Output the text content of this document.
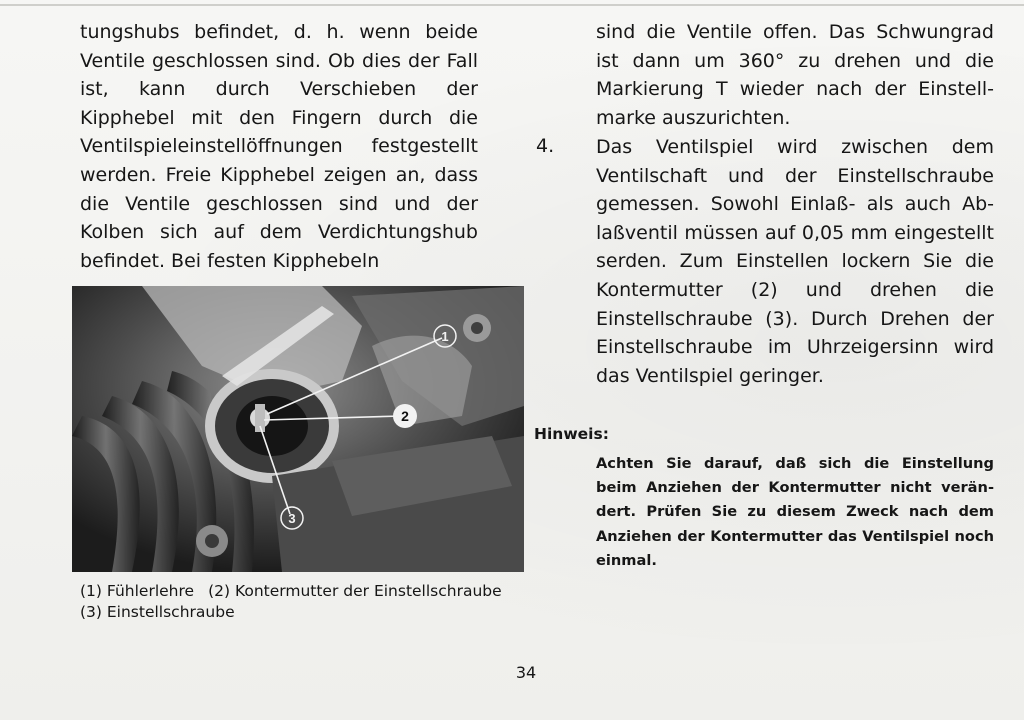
tungshubs befindet, d. h. wenn beide Ventile geschlossen sind. Ob dies der Fall ist, kann durch Verschieben der Kipphebel mit den Fingern durch die Ventilspieleinstellöffnungen festgestellt werden. Freie Kipphebel zeigen an, dass die Ventile geschlossen sind und der Kolben sich auf dem Verdichtungshub befindet. Bei festen Kipphebeln

sind die Ventile offen. Das Schwungrad ist dann um 360° zu drehen und die Markierung T wieder nach der Einstellmarke auszurichten.

4. Das Ventilspiel wird zwischen dem Ventilschaft und der Einstellschraube gemessen. Sowohl Einlaß- als auch Ablaßventil müssen auf 0,05 mm eingestellt serden. Zum Einstellen lockern Sie die Kontermutter (2) und drehen die Einstellschraube (3). Durch Drehen der Einstellschraube im Uhrzeigersinn wird das Ventilspiel geringer.

1
2
3
Hinweis:

Achten Sie darauf, daß sich die Einstellung beim Anziehen der Kontermutter nicht verändert. Prüfen Sie zu diesem Zweck nach dem Anziehen der Kontermutter das Ventilspiel noch einmal.

(1) Fühlerlehre (2) Kontermutter der Einstellschraube
(3) Einstellschraube
34
